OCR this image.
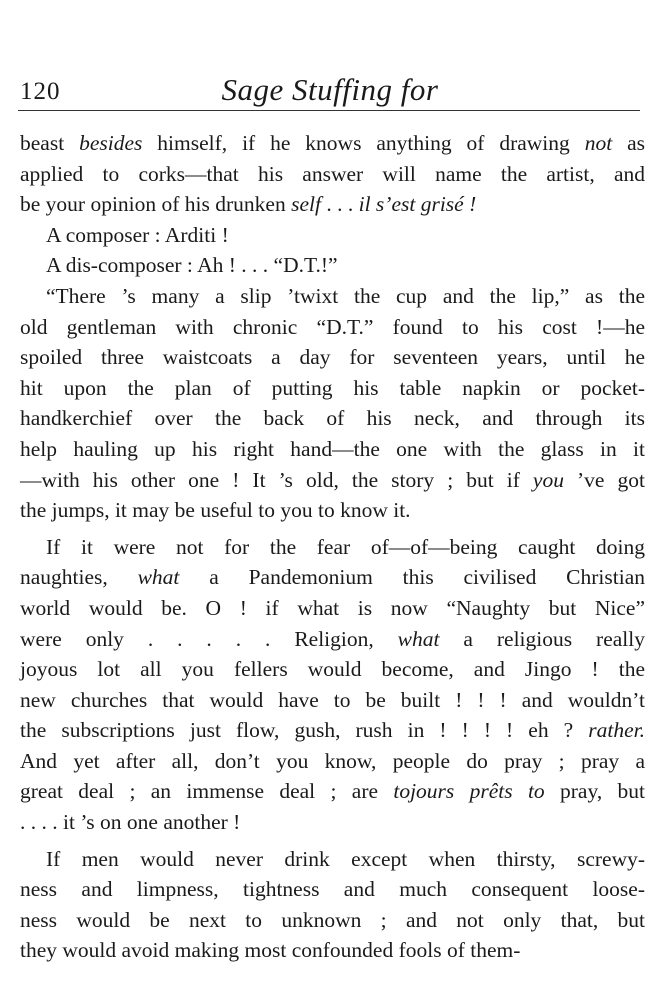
120	Sage Stuffing for
beast besides himself, if he knows anything of drawing not as
applied to corks—that his answer will name the artist, and
be your opinion of his drunken self . . . il s’est grisé !
A composer : Arditi !
A dis-composer : Ah ! . . . “D.T.!”
“There ’s many a slip ’twixt the cup and the lip,” as the
old gentleman with chronic “D.T.” found to his cost !—he
spoiled three waistcoats a day for seventeen years, until he
hit upon the plan of putting his table napkin or pocket-
handkerchief over the back of his neck, and through its
help hauling up his right hand—the one with the glass in it
—with his other one ! It ’s old, the story ; but if you ’ve got
the jumps, it may be useful to you to know it.
If it were not for the fear of—of—being caught doing
naughties, what a Pandemonium this civilised Christian
world would be. O ! if what is now “Naughty but Nice”
were only . . . . . Religion, what a religious really
joyous lot all you fellers would become, and Jingo ! the
new churches that would have to be built ! ! ! and wouldn’t
the subscriptions just flow, gush, rush in ! ! ! ! eh ? rather.
And yet after all, don’t you know, people do pray ; pray a
great deal ; an immense deal ; are tojours prêts to pray, but
. . . . it ’s on one another !
If men would never drink except when thirsty, screwy-
ness and limpness, tightness and much consequent loose-
ness would be next to unknown ; and not only that, but
they would avoid making most confounded fools of them-
